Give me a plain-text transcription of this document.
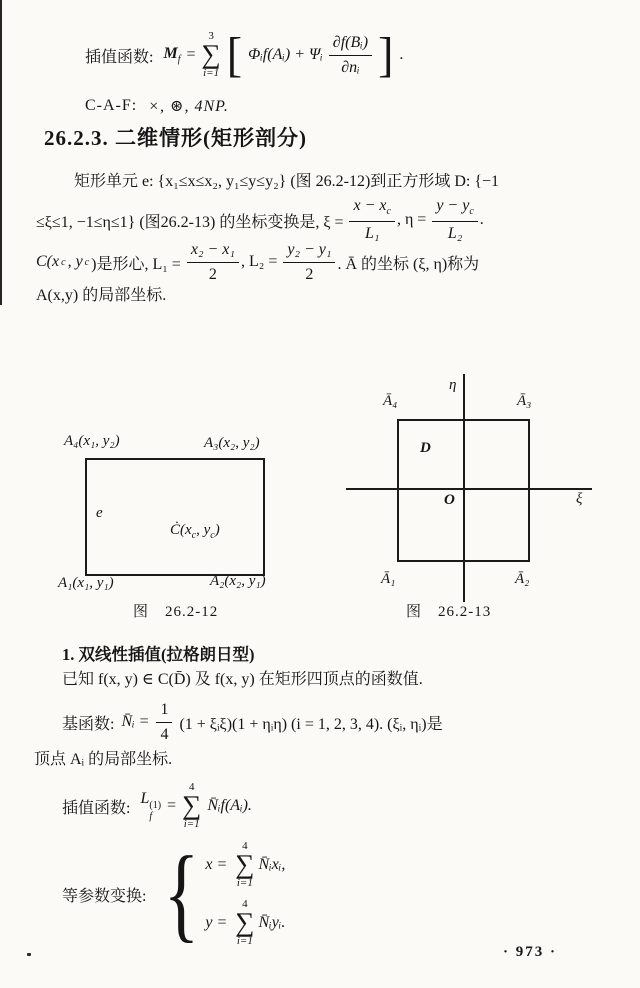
插值函数: $M_f$ =
3
∑
i=1 [ Φᵢf(Aᵢ) + Ψᵢ $\frac{\text{∂f(Bᵢ)}}{\text{∂nᵢ}}$ ] .
C-A-F: ×, ⊛, 4NP.
26.2.3. 二维情形(矩形剖分)
矩形单元 e: {x₁≤x≤x₂, y₁≤y≤y₂} (图 26.2-12)到正方形域 D: {−1
≤ξ≤1, −1≤η≤1} (图26.2-13) 的坐标变换是, $\xi = \frac{x - x_c}{\text{L₁}}$ , $\eta = \frac{y - y_c}{\text{L₂}}$ .
C(x c , y c )是形心, $L_1 = \frac{\text{x₂ − x₁}}{2}$ , $L_2 = \frac{\text{y₂ − y₁}}{2}$ . Ā 的坐标 (ξ, η)称为
A(x,y) 的局部坐标.
A₄(x₁, y₂)	A₃(x₂, y₂)
A₁(x₁, y₁)	A₂(x₂, y₁)
e

$Ċ(x_c$, $y_c$)

图　26.2-12
Ā₄	Ā₃
Ā₁	Ā₂
D
O
η
ξ
图　26.2-13
1. 双线性插值(拉格朗日型)
已知 f(x, y) ∈ C(D̄) 及 f(x, y) 在矩形四顶点的函数值.
基函数: N̄ᵢ = $\frac{1}{4} (1$ + ξᵢξ)(1 + ηᵢη) (i = 1, 2, 3, 4). (ξᵢ, ηᵢ)是
顶点 Aᵢ 的局部坐标.
插值函数:
L (1)
f
=
4
∑
i=1
N̄ᵢf(Aᵢ).
等参数变换: { x =
4
∑
i=1
N̄ᵢxᵢ,
y =
4
∑
i=1
N̄ᵢyᵢ.
· 973 ·
